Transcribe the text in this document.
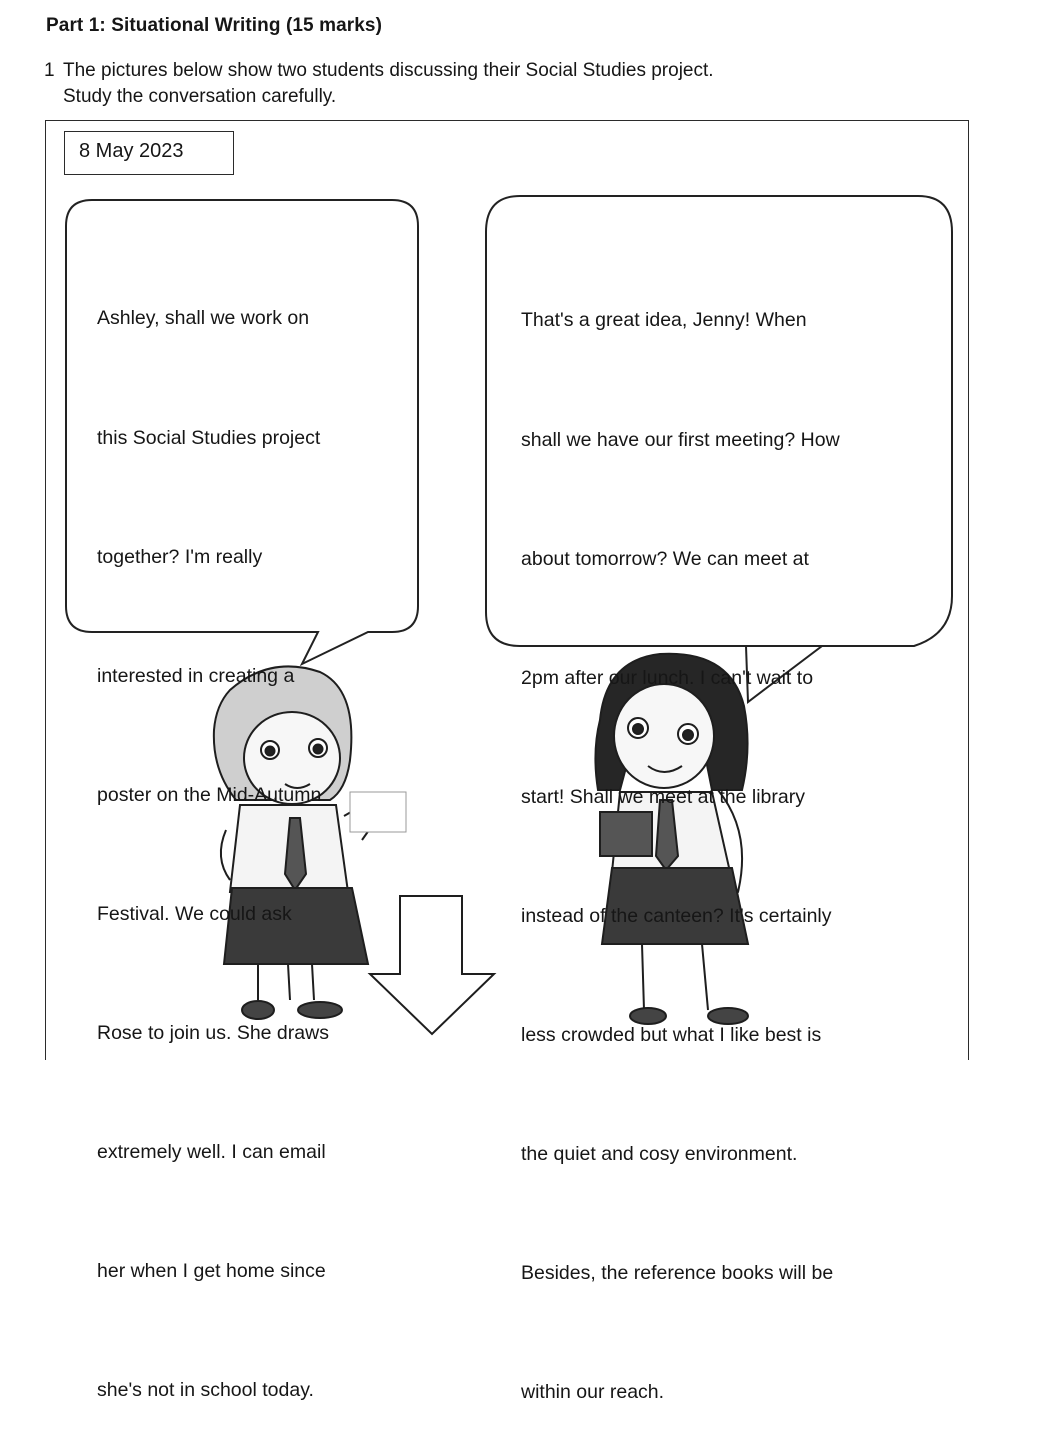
Part 1: Situational Writing (15 marks)
1 The pictures below show two students discussing their Social Studies project.
Study the conversation carefully.
8 May 2023

Ashley, shall we work on

this Social Studies project

together? I'm really

interested in creating a

poster on the Mid-Autumn

Festival. We could ask

Rose to join us. She draws

extremely well. I can email

her when I get home since

she's not in school today.

That's a great idea, Jenny! When

shall we have our first meeting? How

about tomorrow? We can meet at

2pm after our lunch. I can't wait to

start! Shall we meet at the library

instead of the canteen? It's certainly

less crowded but what I like best is

the quiet and cosy environment.

Besides, the reference books will be

within our reach.
